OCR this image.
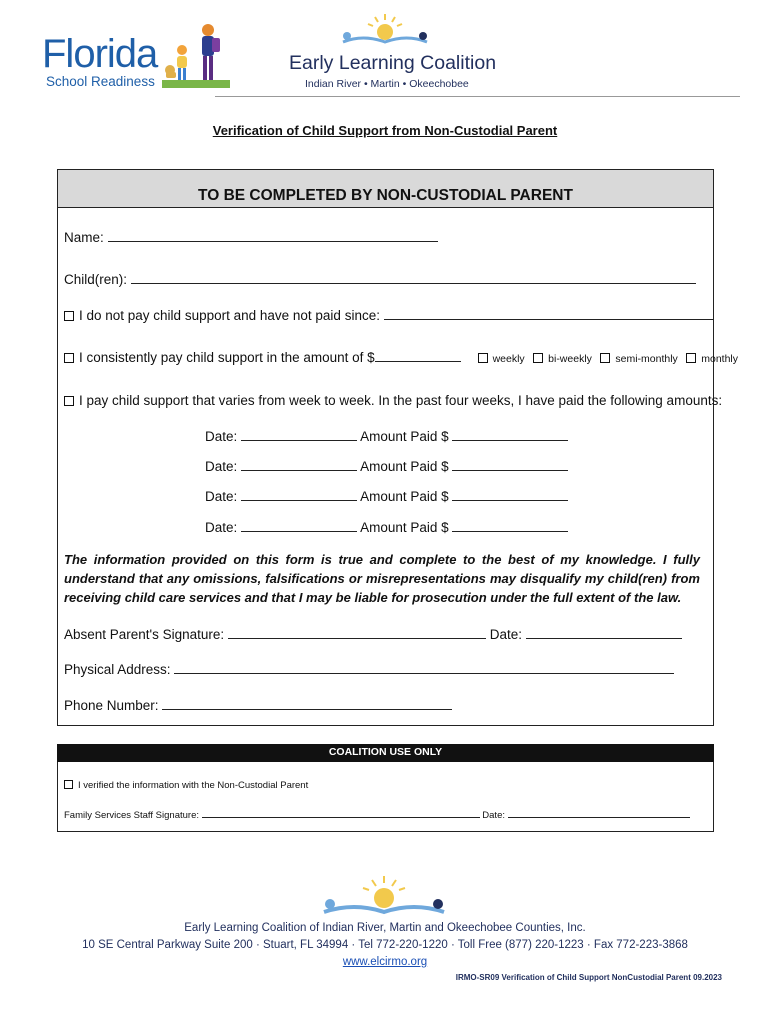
Florida
School Readiness
Early Learning Coalition
Indian River • Martin • Okeechobee
Verification of Child Support from Non-Custodial Parent
TO BE COMPLETED BY NON-CUSTODIAL PARENT
Name:
Child(ren):
I do not pay child support and have not paid since:
I consistently pay child support in the amount of $	weekly bi-weekly semi-monthly monthly
I pay child support that varies from week to week. In the past four weeks, I have paid the following amounts:
Date:	Amount Paid $
Date:	Amount Paid $
Date:	Amount Paid $
Date:	Amount Paid $
The information provided on this form is true and complete to the best of my knowledge. I fully understand that any omissions, falsifications or misrepresentations may disqualify my child(ren) from receiving child care services and that I may be liable for prosecution under the full extent of the law.
Absent Parent's Signature:	Date:
Physical Address:
Phone Number:
COALITION USE ONLY
I verified the information with the Non-Custodial Parent
Family Services Staff Signature:	Date:
Early Learning Coalition of Indian River, Martin and Okeechobee Counties, Inc.
10 SE Central Parkway Suite 200 · Stuart, FL 34994 · Tel 772-220-1220 · Toll Free (877) 220-1223 · Fax 772-223-3868
www.elcirmo.org
IRMO-SR09 Verification of Child Support NonCustodial Parent 09.2023
